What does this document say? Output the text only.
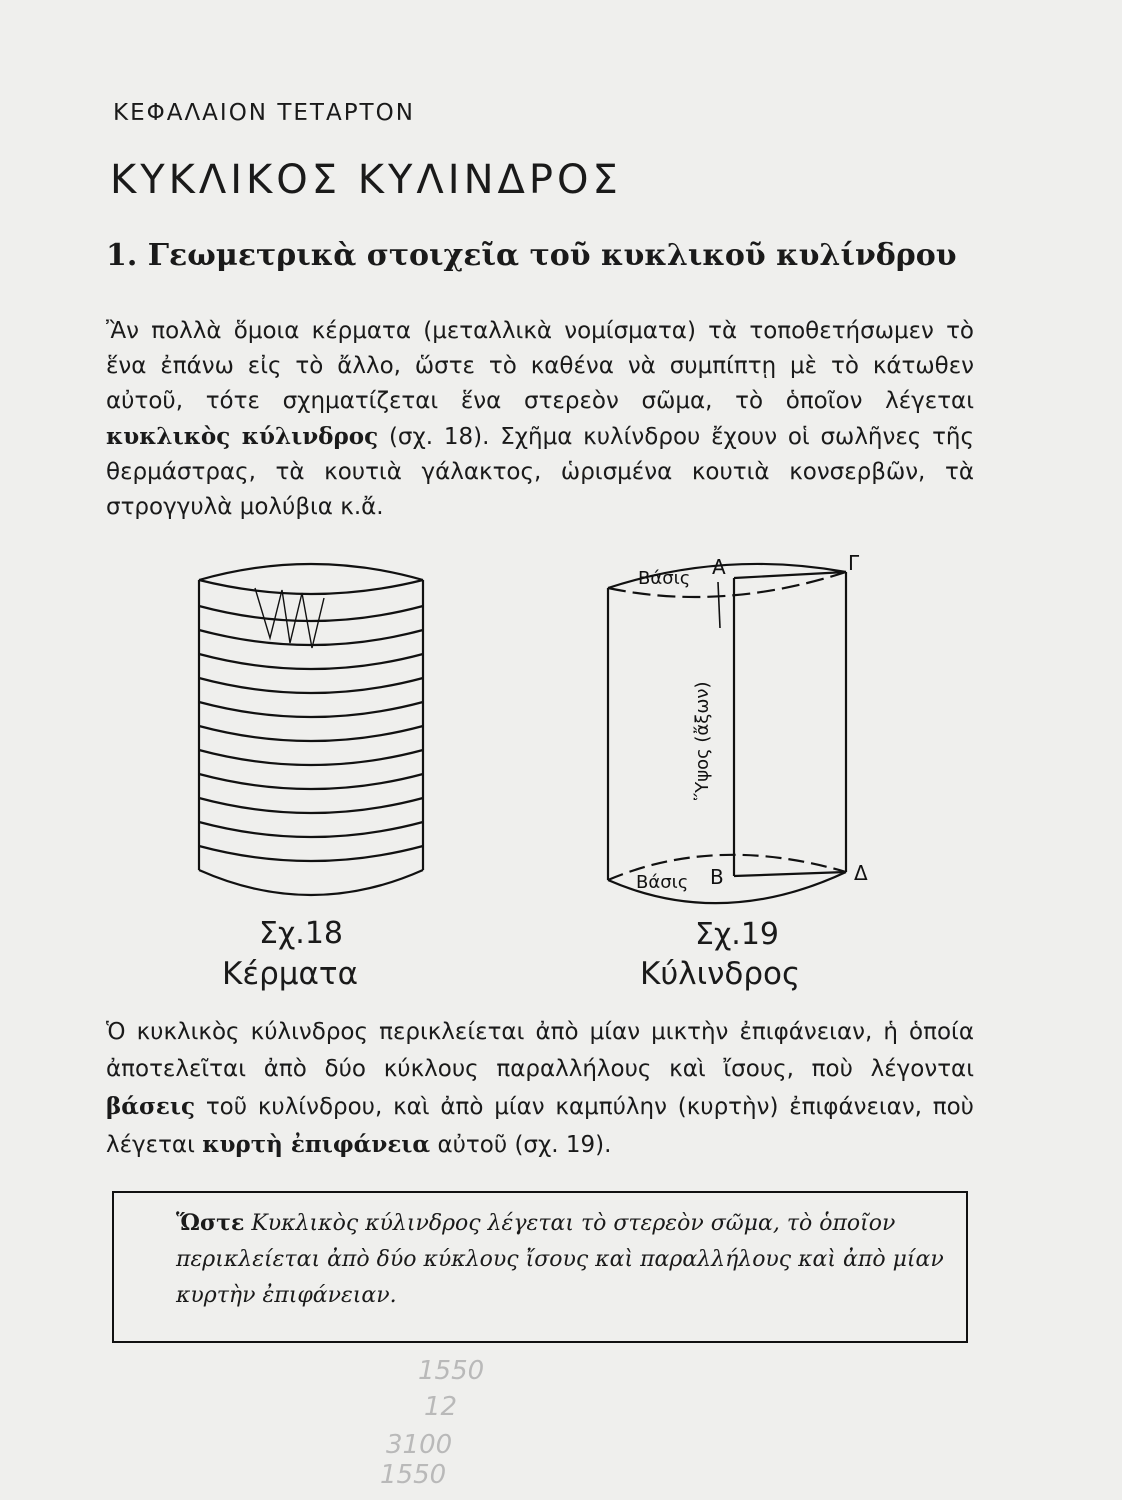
ΚΕΦΑΛΑΙΟΝ ΤΕΤΑΡΤΟΝ
ΚΥΚΛΙΚΟΣ ΚΥΛΙΝΔΡΟΣ
1. Γεωμετρικὰ στοιχεῖα τοῦ κυκλικοῦ κυλίνδρου
Ἂν πολλὰ ὅμοια κέρματα (μεταλλικὰ νομίσματα) τὰ τοποθετήσωμεν τὸ ἕνα ἐπάνω εἰς τὸ ἄλλο, ὥστε τὸ καθένα νὰ συμπίπτῃ μὲ τὸ κάτωθεν αὐτοῦ, τότε σχηματίζεται ἕνα στερεὸν σῶμα, τὸ ὁποῖον λέγεται κυκλικὸς κύλινδρος (σχ. 18). Σχῆμα κυλίνδρου ἔχουν οἱ σωλῆνες τῆς θερμάστρας, τὰ κουτιὰ γάλακτος, ὡρισμένα κουτιὰ κονσερβῶν, τὰ στρογγυλὰ μολύβια κ.ἄ.
Σχ.18
Κέρματα
Βάσις Α	Γ
Ὕψος (ἄξων)
Βάσις Β	Δ
Σχ.19
Κύλινδρος
Ὁ κυκλικὸς κύλινδρος περικλείεται ἀπὸ μίαν μικτὴν ἐπιφάνειαν, ἡ ὁποία ἀποτελεῖται ἀπὸ δύο κύκλους παραλλήλους καὶ ἴσους, ποὺ λέγονται βάσεις τοῦ κυλίνδρου, καὶ ἀπὸ μίαν καμπύλην (κυρτὴν) ἐπιφάνειαν, ποὺ λέγεται κυρτὴ ἐπιφάνεια αὐτοῦ (σχ. 19).
Ὥστε Κυκλικὸς κύλινδρος λέγεται τὸ στερεὸν σῶμα, τὸ ὁποῖον περικλείεται ἀπὸ δύο κύκλους ἴσους καὶ παραλλήλους καὶ ἀπὸ μίαν κυρτὴν ἐπιφάνειαν.
1550
12
3100
1550
